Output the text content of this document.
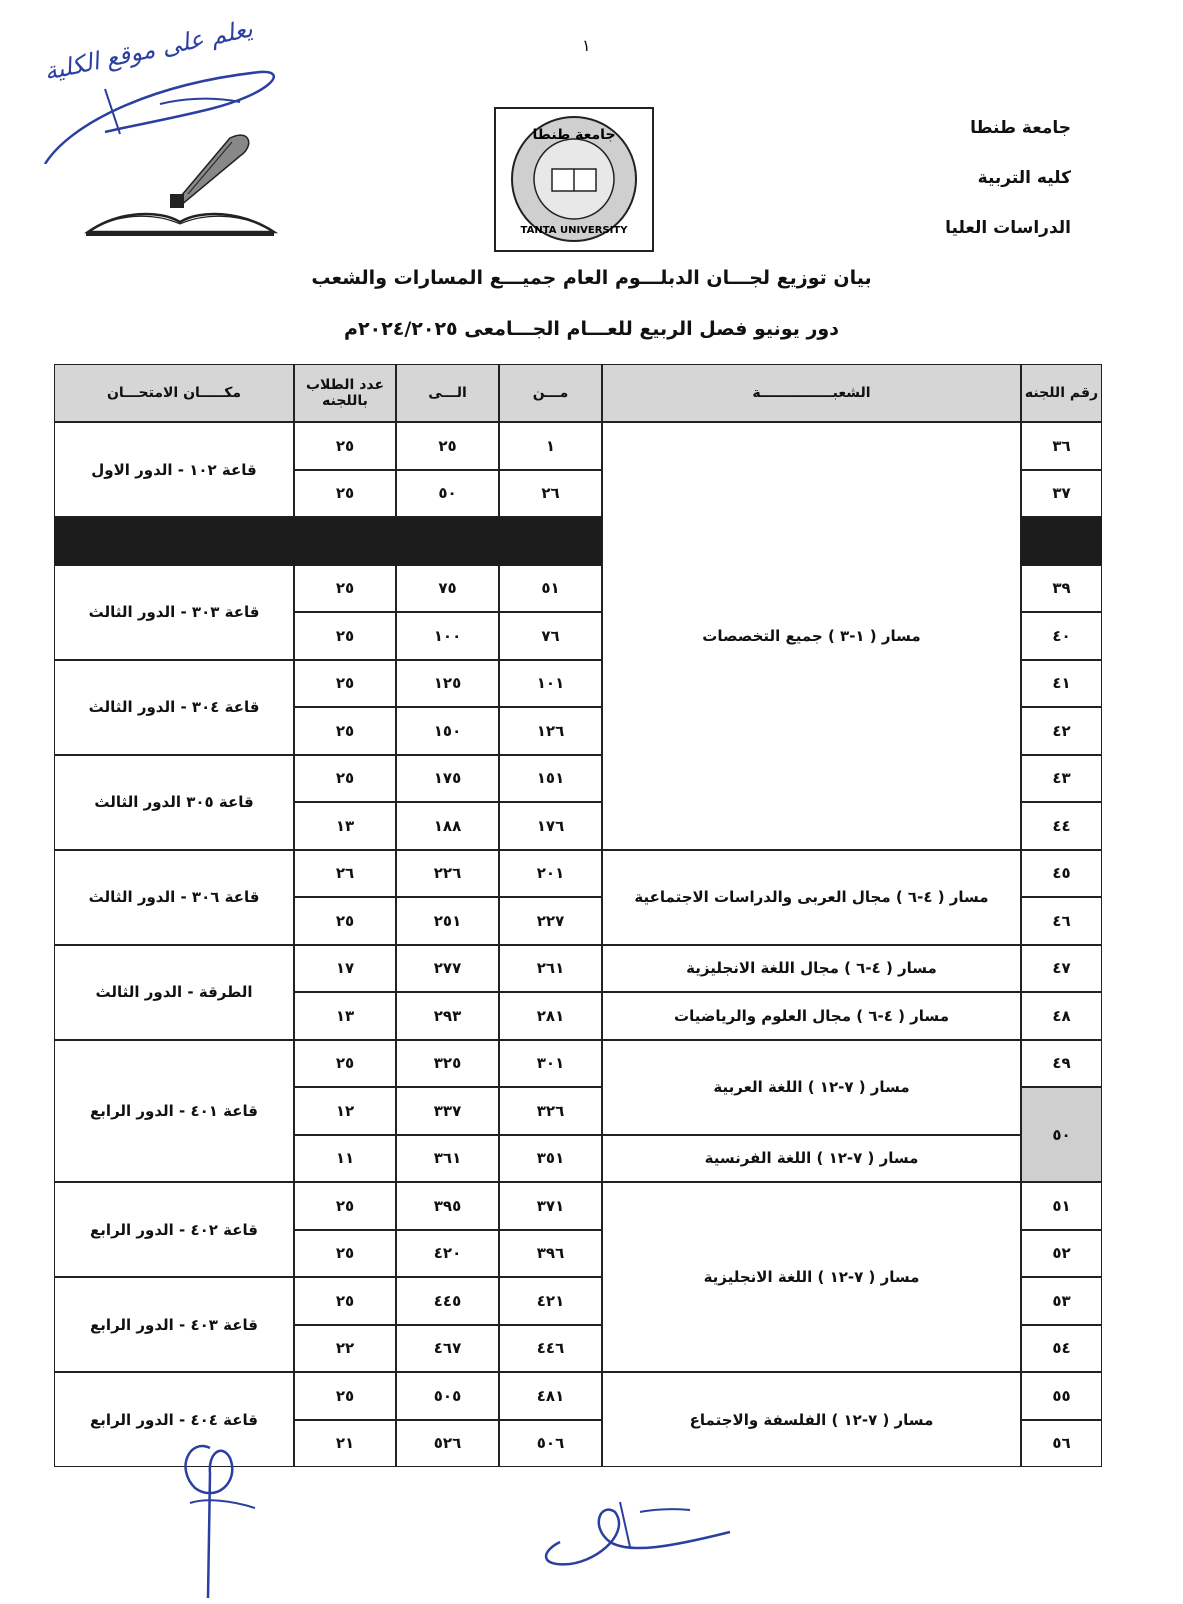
١
يعلم على موقع الكلية
جامعة طنطا
TANTA UNIVERSITY
جامعة طنطا
كليه التربية
الدراسات العليا
بيان توزيع لجـــان الدبلـــوم العام جميـــع المسارات والشعب
دور يونيو فصل الربيع للعـــام الجـــامعى ٢٠٢٤/٢٠٢٥م
رقم اللجنه
الشعبـــــــــــــــة
مـــن
الـــى
عدد الطلاب باللجنه
مكـــــان الامتحـــان
٣٦
١
٢٥
٢٥
٣٧
٢٦
٥٠
٢٥
٣٩
٥١
٧٥
٢٥
٤٠
٧٦
١٠٠
٢٥
٤١
١٠١
١٢٥
٢٥
٤٢
١٢٦
١٥٠
٢٥
٤٣
١٥١
١٧٥
٢٥
٤٤
١٧٦
١٨٨
١٣
٤٥
٢٠١
٢٢٦
٢٦
٤٦
٢٢٧
٢٥١
٢٥
٤٧
٢٦١
٢٧٧
١٧
٤٨
٢٨١
٢٩٣
١٣
٤٩
٣٠١
٣٢٥
٢٥
٣٢٦
٣٣٧
١٢
٣٥١
٣٦١
١١
٥١
٣٧١
٣٩٥
٢٥
٥٢
٣٩٦
٤٢٠
٢٥
٥٣
٤٢١
٤٤٥
٢٥
٥٤
٤٤٦
٤٦٧
٢٢
٥٥
٤٨١
٥٠٥
٢٥
٥٦
٥٠٦
٥٢٦
٢١
٥٠
مسار ( ١-٣ ) جميع التخصصات
مسار ( ٤-٦ ) مجال العربى والدراسات الاجتماعية
مسار ( ٤-٦ ) مجال اللغة الانجليزية
مسار ( ٤-٦ ) مجال العلوم والرياضيات
مسار ( ٧-١٢ ) اللغة العربية
مسار ( ٧-١٢ ) اللغة الفرنسية
مسار ( ٧-١٢ ) اللغة الانجليزية
مسار ( ٧-١٢ ) الفلسفة والاجتماع
قاعة ١٠٢ - الدور الاول
قاعة ٣٠٣ - الدور الثالث
قاعة ٣٠٤ - الدور الثالث
قاعة ٣٠٥ الدور الثالث
قاعة ٣٠٦ - الدور الثالث
الطرقة - الدور الثالث
قاعة ٤٠١ - الدور الرابع
قاعة ٤٠٢ - الدور الرابع
قاعة ٤٠٣ - الدور الرابع
قاعة ٤٠٤ - الدور الرابع
